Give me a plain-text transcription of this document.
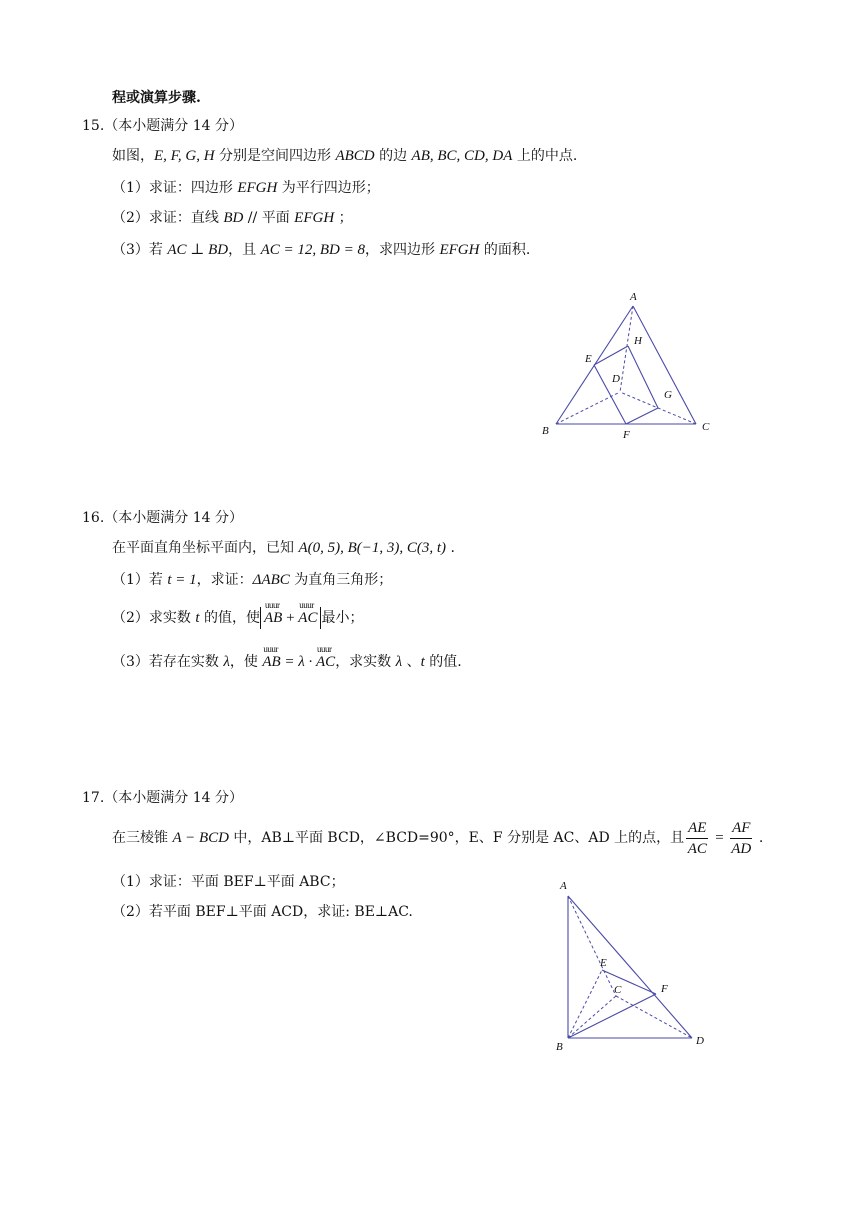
程或演算步骤.
15.（本小题满分 14 分）
如图，E, F, G, H 分别是空间四边形 ABCD 的边 AB, BC, CD, DA 上的中点.
（1）求证：四边形 EFGH 为平行四边形；
（2）求证：直线 BD // 平面 EFGH ；
（3）若 AC ⊥ BD，且 AC = 12, BD = 8，求四边形 EFGH 的面积.
A
B	C
D
E
F
G
H
16.（本小题满分 14 分）
在平面直角坐标平面内，已知 A(0, 5), B(−1, 3), C(3, t) .
（1）若 t = 1，求证：ΔABC 为直角三角形；
（2）求实数 t 的值，使uuur AB + uuur AC 最小；
（3）若存在实数 λ，使 uuur AB = λ · uuur AC，求实数 λ 、t 的值.
17.（本小题满分 14 分）
在三棱锥 A − BCD 中，AB⊥平面 BCD，∠BCD=90°，E、F 分别是 AC、AD 上的点，且 $\frac{AE}{AC} = \frac{AF}{AD}$ .
（1）求证：平面 BEF⊥平面 ABC；
（2）若平面 BEF⊥平面 ACD，求证: BE⊥AC.
A
B
C
D
E
F
